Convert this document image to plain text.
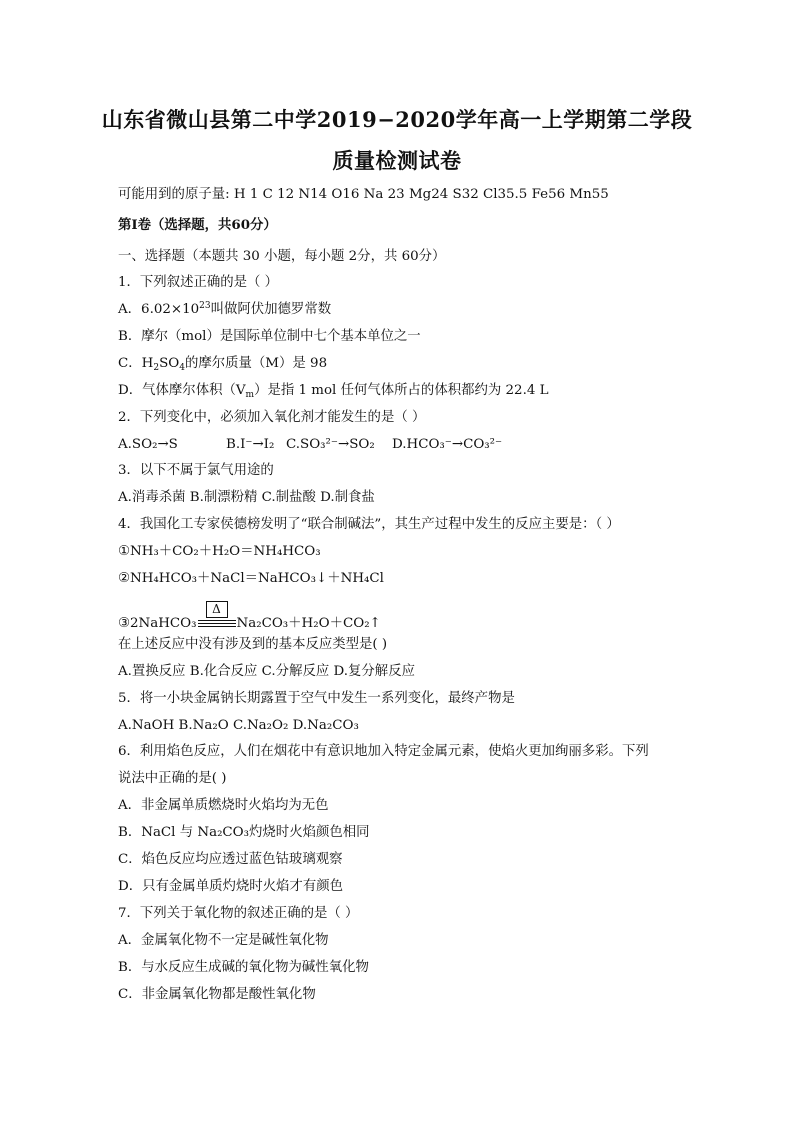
山东省微山县第二中学2019−2020学年高一上学期第二学段
质量检测试卷
可能用到的原子量: H 1 C 12 N14 O16 Na 23 Mg24 S32 Cl35.5 Fe56 Mn55
第Ⅰ卷（选择题，共60分）
一、选择题（本题共 30 小题，每小题 2分，共 60分）
1．下列叙述正确的是（ ）
A．$6.02\times 10^{23}$叫做阿伏加德罗常数
B．摩尔（mol）是国际单位制中七个基本单位之一
C．$H_2SO_4$的摩尔质量（M）是 98
D．气体摩尔体积$(V_m)$是指 1 mol 任何气体所占的体积都约为 22.4 L
2．下列变化中，必须加入氧化剂才能发生的是（ ）
A.SO₂→S	B.I⁻→I₂ C.SO₃²⁻→SO₂ D.HCO₃⁻→CO₃²⁻
3．以下不属于氯气用途的
A.消毒杀菌 B.制漂粉精 C.制盐酸 D.制食盐
4．我国化工专家侯德榜发明了“联合制碱法”，其生产过程中发生的反应主要是：（ ）
①NH₃＋CO₂＋H₂O＝NH₄HCO₃
②NH₄HCO₃＋NaCl＝NaHCO₃↓＋NH₄Cl
③2NaHCO₃
Δ
Na₂CO₃＋H₂O＋CO₂↑
在上述反应中没有涉及到的基本反应类型是( )
A.置换反应 B.化合反应 C.分解反应 D.复分解反应
5．将一小块金属钠长期露置于空气中发生一系列变化，最终产物是
A.NaOH B.Na₂O C.Na₂O₂ D.Na₂CO₃
6．利用焰色反应，人们在烟花中有意识地加入特定金属元素，使焰火更加绚丽多彩。下列
说法中正确的是( )
A．非金属单质燃烧时火焰均为无色
B．NaCl 与 Na₂CO₃灼烧时火焰颜色相同
C．焰色反应均应透过蓝色钴玻璃观察
D．只有金属单质灼烧时火焰才有颜色
7．下列关于氧化物的叙述正确的是（ ）
A．金属氧化物不一定是碱性氧化物
B．与水反应生成碱的氧化物为碱性氧化物
C．非金属氧化物都是酸性氧化物
